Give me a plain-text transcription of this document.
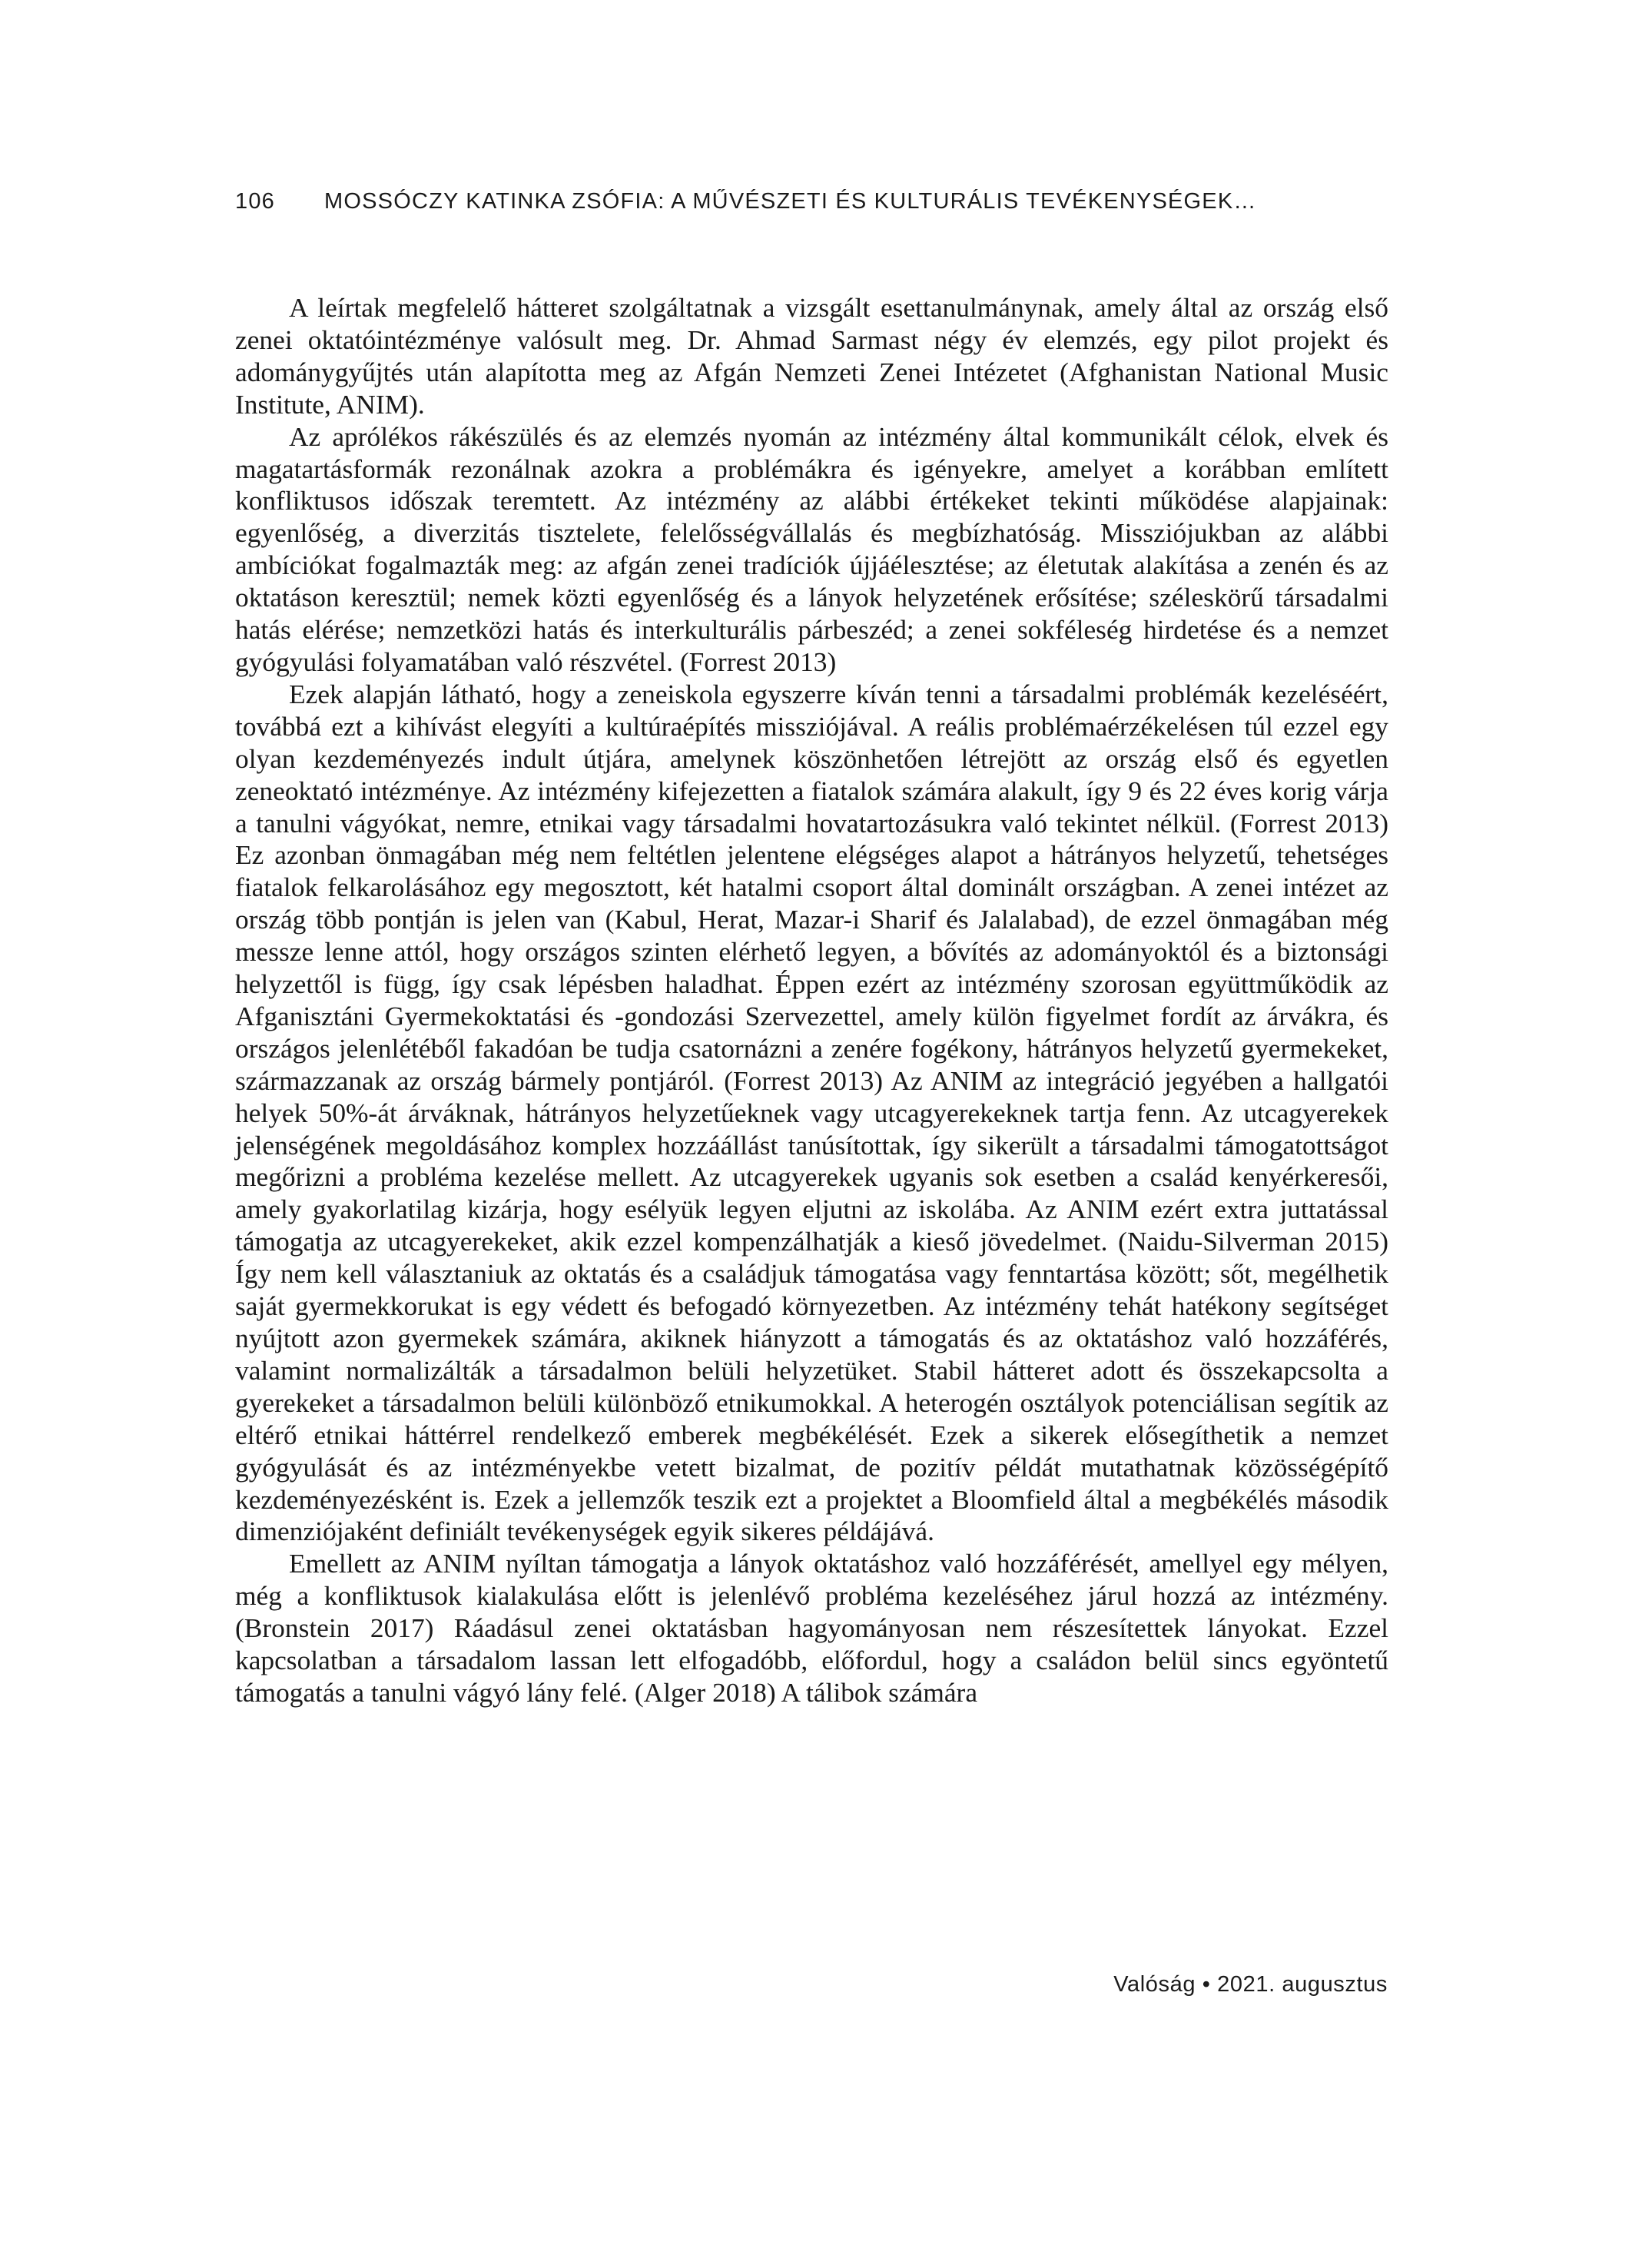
106 MOSSÓCZY KATINKA ZSÓFIA: A MŰVÉSZETI ÉS KULTURÁLIS TEVÉKENYSÉGEK…

A leírtak megfelelő hátteret szolgáltatnak a vizsgált esettanulmánynak, amely által az ország első zenei oktatóintézménye valósult meg. Dr. Ahmad Sarmast négy év elemzés, egy pilot projekt és adománygyűjtés után alapította meg az Afgán Nemzeti Zenei Intézetet (Afghanistan National Music Institute, ANIM).

Az aprólékos rákészülés és az elemzés nyomán az intézmény által kommunikált célok, elvek és magatartásformák rezonálnak azokra a problémákra és igényekre, amelyet a korábban említett konfliktusos időszak teremtett. Az intézmény az alábbi értékeket tekinti működése alapjainak: egyenlőség, a diverzitás tisztelete, felelősségvállalás és megbízhatóság. Missziójukban az alábbi ambíciókat fogalmazták meg: az afgán zenei tradíciók újjáélesztése; az életutak alakítása a zenén és az oktatáson keresztül; nemek közti egyenlőség és a lányok helyzetének erősítése; széleskörű társadalmi hatás elérése; nemzetközi hatás és interkulturális párbeszéd; a zenei sokféleség hirdetése és a nemzet gyógyulási folyamatában való részvétel. (Forrest 2013)

Ezek alapján látható, hogy a zeneiskola egyszerre kíván tenni a társadalmi problémák kezeléséért, továbbá ezt a kihívást elegyíti a kultúraépítés missziójával. A reális problémaérzékelésen túl ezzel egy olyan kezdeményezés indult útjára, amelynek köszönhetően létrejött az ország első és egyetlen zeneoktató intézménye. Az intézmény kifejezetten a fiatalok számára alakult, így 9 és 22 éves korig várja a tanulni vágyókat, nemre, etnikai vagy társadalmi hovatartozásukra való tekintet nélkül. (Forrest 2013) Ez azonban önmagában még nem feltétlen jelentene elégséges alapot a hátrányos helyzetű, tehetséges fiatalok felkarolásához egy megosztott, két hatalmi csoport által dominált országban. A zenei intézet az ország több pontján is jelen van (Kabul, Herat, Mazar-i Sharif és Jalalabad), de ezzel önmagában még messze lenne attól, hogy országos szinten elérhető legyen, a bővítés az adományoktól és a biztonsági helyzettől is függ, így csak lépésben haladhat. Éppen ezért az intézmény szorosan együttműködik az Afganisztáni Gyermekoktatási és -gondozási Szervezettel, amely külön figyelmet fordít az árvákra, és országos jelenlétéből fakadóan be tudja csatornázni a zenére fogékony, hátrányos helyzetű gyermekeket, származzanak az ország bármely pontjáról. (Forrest 2013) Az ANIM az integráció jegyében a hallgatói helyek 50%-át árváknak, hátrányos helyzetűeknek vagy utcagyerekeknek tartja fenn. Az utcagyerekek jelenségének megoldásához komplex hozzáállást tanúsítottak, így sikerült a társadalmi támogatottságot megőrizni a probléma kezelése mellett. Az utcagyerekek ugyanis sok esetben a család kenyérkeresői, amely gyakorlatilag kizárja, hogy esélyük legyen eljutni az iskolába. Az ANIM ezért extra juttatással támogatja az utcagyerekeket, akik ezzel kompenzálhatják a kieső jövedelmet. (Naidu-Silverman 2015) Így nem kell választaniuk az oktatás és a családjuk támogatása vagy fenntartása között; sőt, megélhetik saját gyermekkorukat is egy védett és befogadó környezetben. Az intézmény tehát hatékony segítséget nyújtott azon gyermekek számára, akiknek hiányzott a támogatás és az oktatáshoz való hozzáférés, valamint normalizálták a társadalmon belüli helyzetüket. Stabil hátteret adott és összekapcsolta a gyerekeket a társadalmon belüli különböző etnikumokkal. A heterogén osztályok potenciálisan segítik az eltérő etnikai háttérrel rendelkező emberek megbékélését. Ezek a sikerek elősegíthetik a nemzet gyógyulását és az intézményekbe vetett bizalmat, de pozitív példát mutathatnak közösségépítő kezdeményezésként is. Ezek a jellemzők teszik ezt a projektet a Bloomfield által a megbékélés második dimenziójaként definiált tevékenységek egyik sikeres példájává.

Emellett az ANIM nyíltan támogatja a lányok oktatáshoz való hozzáférését, amellyel egy mélyen, még a konfliktusok kialakulása előtt is jelenlévő probléma kezeléséhez járul hozzá az intézmény. (Bronstein 2017) Ráadásul zenei oktatásban hagyományosan nem részesítettek lányokat. Ezzel kapcsolatban a társadalom lassan lett elfogadóbb, előfordul, hogy a családon belül sincs egyöntetű támogatás a tanulni vágyó lány felé. (Alger 2018) A tálibok számára

Valóság • 2021. augusztus
